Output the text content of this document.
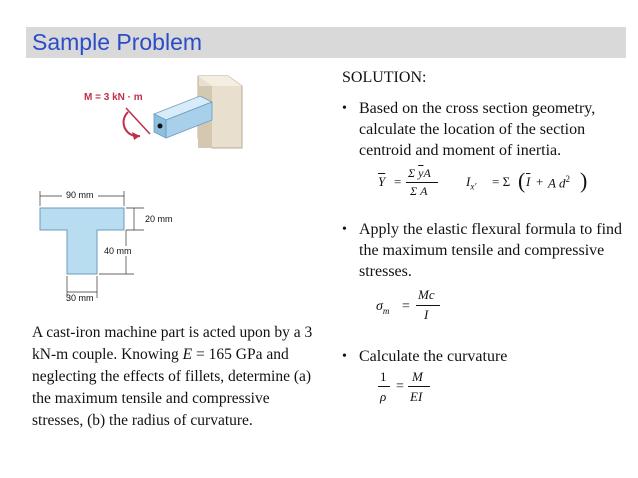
Sample Problem
M = 3 kN · m
90 mm
20 mm
40 mm
30 mm
SOLUTION:
• Based on the cross section geometry, calculate the location of the section centroid and moment of inertia.
$\overline{Y}$ =
Σ $\overline{y}A$
Σ A
$I_{x'} = \Sigma$ ( $\overline{I} + A$ $d^2$ )
• Apply the elastic flexural formula to find the maximum tensile and compressive stresses.
$\sigma_m$ =
Mc
I
• Calculate the curvature
1
ρ
=
M
EI
A cast-iron machine part is acted upon by a 3 kN-m couple. Knowing E = 165 GPa and neglecting the effects of fillets, determine (a) the maximum tensile and compressive stresses, (b) the radius of curvature.
